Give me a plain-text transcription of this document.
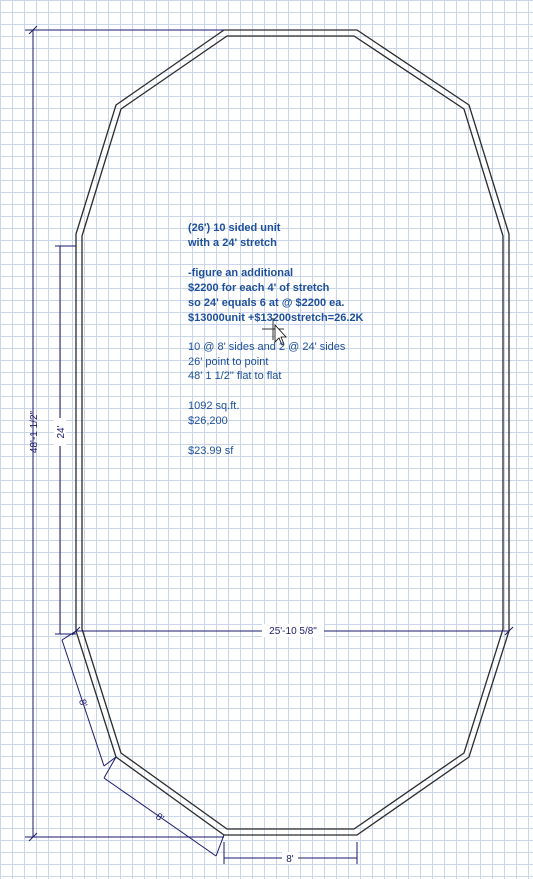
48'-1 1/2" 24'
25'-10 5/8"
8'
8'
8'
(26') 10 sided unit
with a 24' stretch
-figure an additional
$2200 for each 4' of stretch
so 24' equals 6 at @ $2200 ea.
$13000unit +$13200stretch=26.2K
10 @ 8' sides and 2 @ 24' sides
26' point to point
48' 1 1/2" flat to flat
1092 sq.ft.
$26,200
$23.99 sf
